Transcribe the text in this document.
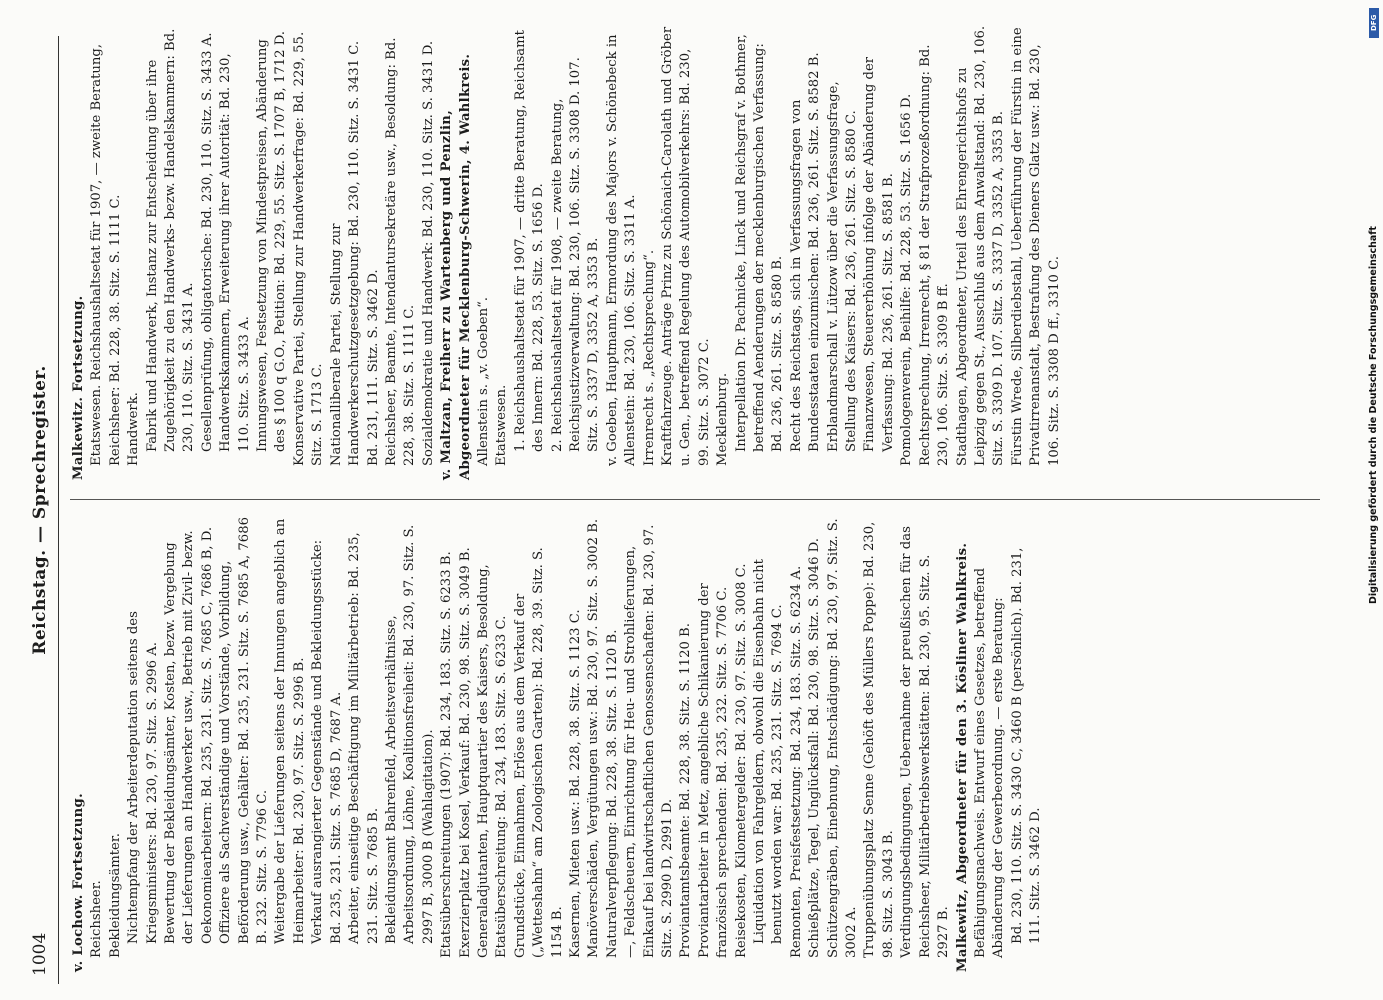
1004
Reichstag. — Sprechregister.

v. Lochow. Fortsetzung. Reichsheer. Bekleidungsämter. Nichtempfang der Arbeiterdeputation seitens des Kriegsministers: Bd. 230, 97. Sitz. S. 2996 A. Bewertung der Bekleidungsämter, Kosten, bezw. Vergebung der Lieferungen an Handwerker usw., Betrieb mit Zivil- bezw. Oekonomiearbeitern: Bd. 235, 231. Sitz. S. 7685 C, 7686 B, D. Offiziere als Sachverständige und Vorstände, Vorbildung, Beförderung usw., Gehälter: Bd. 235, 231. Sitz. S. 7685 A, 7686 B. 232. Sitz. S. 7796 C. Weitergabe der Lieferungen seitens der Innungen angeblich an Heimarbeiter: Bd. 230, 97. Sitz. S. 2996 B. Verkauf ausrangierter Gegenstände und Bekleidungsstücke: Bd. 235, 231. Sitz. S. 7685 D, 7687 A. Arbeiter, einseitige Beschäftigung im Militärbetrieb: Bd. 235, 231. Sitz. S. 7685 B. Bekleidungsamt Bahrenfeld, Arbeitsverhältnisse, Arbeitsordnung, Löhne, Koalitionsfreiheit: Bd. 230, 97. Sitz. S. 2997 B, 3000 B (Wahlagitation). Etatsüberschreitungen (1907): Bd. 234, 183. Sitz. S. 6233 B. Exerzierplatz bei Kosel, Verkauf: Bd. 230, 98. Sitz. S. 3049 B. Generaladjutanten, Hauptquartier des Kaisers, Besoldung, Etatsüberschreitung: Bd. 234, 183. Sitz. S. 6233 C. Grundstücke, Einnahmen, Erlöse aus dem Verkauf der („Wetteshahn“ am Zoologischen Garten): Bd. 228, 39. Sitz. S. 1154 B. Kasernen, Mieten usw.: Bd. 228, 38. Sitz. S. 1123 C. Manöverschäden, Vergütungen usw.: Bd. 230, 97. Sitz. S. 3002 B. Naturalverpflegung: Bd. 228, 38. Sitz. S. 1120 B. —, Feldscheuern, Einrichtung für Heu- und Strohlieferungen, Einkauf bei landwirtschaftlichen Genossenschaften: Bd. 230, 97. Sitz. S. 2990 D, 2991 D. Proviantamtsbeamte: Bd. 228, 38. Sitz. S. 1120 B. Proviantarbeiter in Metz, angebliche Schikanierung der französisch sprechenden: Bd. 235, 232. Sitz. S. 7706 C. Reisekosten, Kilometergelder: Bd. 230, 97. Sitz. S. 3008 C. Liquidation von Fahrgeldern, obwohl die Eisenbahn nicht benutzt worden war: Bd. 235, 231. Sitz. S. 7694 C. Remonten, Preisfestsetzung: Bd. 234, 183. Sitz. S. 6234 A. Schießplätze, Tegel, Unglücksfall: Bd. 230, 98. Sitz. S. 3046 D. Schützengräben, Einebnung, Entschädigung: Bd. 230, 97. Sitz. S. 3002 A. Truppenübungsplatz Senne (Gehöft des Müllers Poppe): Bd. 230, 98. Sitz. S. 3043 B. Verdingungsbedingungen, Uebernahme der preußischen für das Reichsheer, Militärbetriebswerkstätten: Bd. 230, 95. Sitz. S. 2927 B. Malkewitz, Abgeordneter für den 3. Kösliner Wahlkreis. Befähigungsnachweis. Entwurf eines Gesetzes, betreffend Abänderung der Gewerbeordnung. — erste Beratung: Bd. 230, 110. Sitz. S. 3430 C, 3460 B (persönlich). Bd. 231, 111. Sitz. S. 3462 D.

Malkewitz. Fortsetzung. Etatswesen. Reichshaushaltsetat für 1907, — zweite Beratung, Reichsheer: Bd. 228, 38. Sitz. S. 1111 C. Handwerk. Fabrik und Handwerk, Instanz zur Entscheidung über ihre Zugehörigkeit zu den Handwerks- bezw. Handelskammern: Bd. 230, 110. Sitz. S. 3431 A. Gesellenprüfung, obligatorische: Bd. 230, 110. Sitz. S. 3433 A. Handwerkskammern, Erweiterung ihrer Autorität: Bd. 230, 110. Sitz. S. 3433 A. Innungswesen, Festsetzung von Mindestpreisen, Abänderung des § 100 q G.O., Petition: Bd. 229, 55. Sitz. S. 1707 B, 1712 D. Konservative Partei, Stellung zur Handwerkerfrage: Bd. 229, 55. Sitz. S. 1713 C. Nationalliberale Partei, Stellung zur Handwerkerschutzgesetzgebung: Bd. 230, 110. Sitz. S. 3431 C. Bd. 231, 111. Sitz. S. 3462 D. Reichsheer, Beamte, Intendantursekretäre usw., Besoldung: Bd. 228, 38. Sitz. S. 1111 C. Sozialdemokratie und Handwerk: Bd. 230, 110. Sitz. S. 3431 D. v. Maltzan, Freiherr zu Wartenberg und Penzlin, Abgeordneter für Mecklenburg-Schwerin, 4. Wahlkreis. Allenstein s. „v. Goeben“. Etatswesen. 1. Reichshaushaltsetat für 1907, — dritte Beratung, Reichsamt des Innern: Bd. 228, 53. Sitz. S. 1656 D. 2. Reichshaushaltsetat für 1908, — zweite Beratung, Reichsjustizverwaltung: Bd. 230, 106. Sitz. S. 3308 D. 107. Sitz. S. 3337 D, 3352 A, 3353 B. v. Goeben, Hauptmann, Ermordung des Majors v. Schönebeck in Allenstein: Bd. 230, 106. Sitz. S. 3311 A. Irrenrecht s. „Rechtsprechung“. Kraftfahrzeuge. Anträge Prinz zu Schönaich-Carolath und Gröber u. Gen., betreffend Regelung des Automobilverkehrs: Bd. 230, 99. Sitz. S. 3072 C. Mecklenburg. Interpellation Dr. Pachnicke, Linck und Reichsgraf v. Bothmer, betreffend Aenderungen der mecklenburgischen Verfassung: Bd. 236, 261. Sitz. S. 8580 B. Recht des Reichstags, sich in Verfassungsfragen von Bundesstaaten einzumischen: Bd. 236, 261. Sitz. S. 8582 B. Erblandmarschall v. Lützow über die Verfassungsfrage, Stellung des Kaisers: Bd. 236, 261. Sitz. S. 8580 C. Finanzwesen, Steuererhöhung infolge der Abänderung der Verfassung: Bd. 236, 261. Sitz. S. 8581 B. Pomologenverein, Beihilfe: Bd. 228, 53. Sitz. S. 1656 D. Rechtsprechung, Irrenrecht, § 81 der Strafprozeßordnung: Bd. 230, 106. Sitz. S. 3309 B ff. Stadthagen, Abgeordneter, Urteil des Ehrengerichtshofs zu Leipzig gegen St., Ausschluß aus dem Anwaltstand: Bd. 230, 106. Sitz. S. 3309 D. 107. Sitz. S. 3337 D, 3352 A, 3353 B. Fürstin Wrede, Silberdiebstahl, Ueberführung der Fürstin in eine Privatirrenanstalt, Bestrafung des Dieners Glatz usw.: Bd. 230, 106. Sitz. S. 3308 D ff., 3310 C.

DFG
Digitalisierung gefördert durch die Deutsche Forschungsgemeinschaft
